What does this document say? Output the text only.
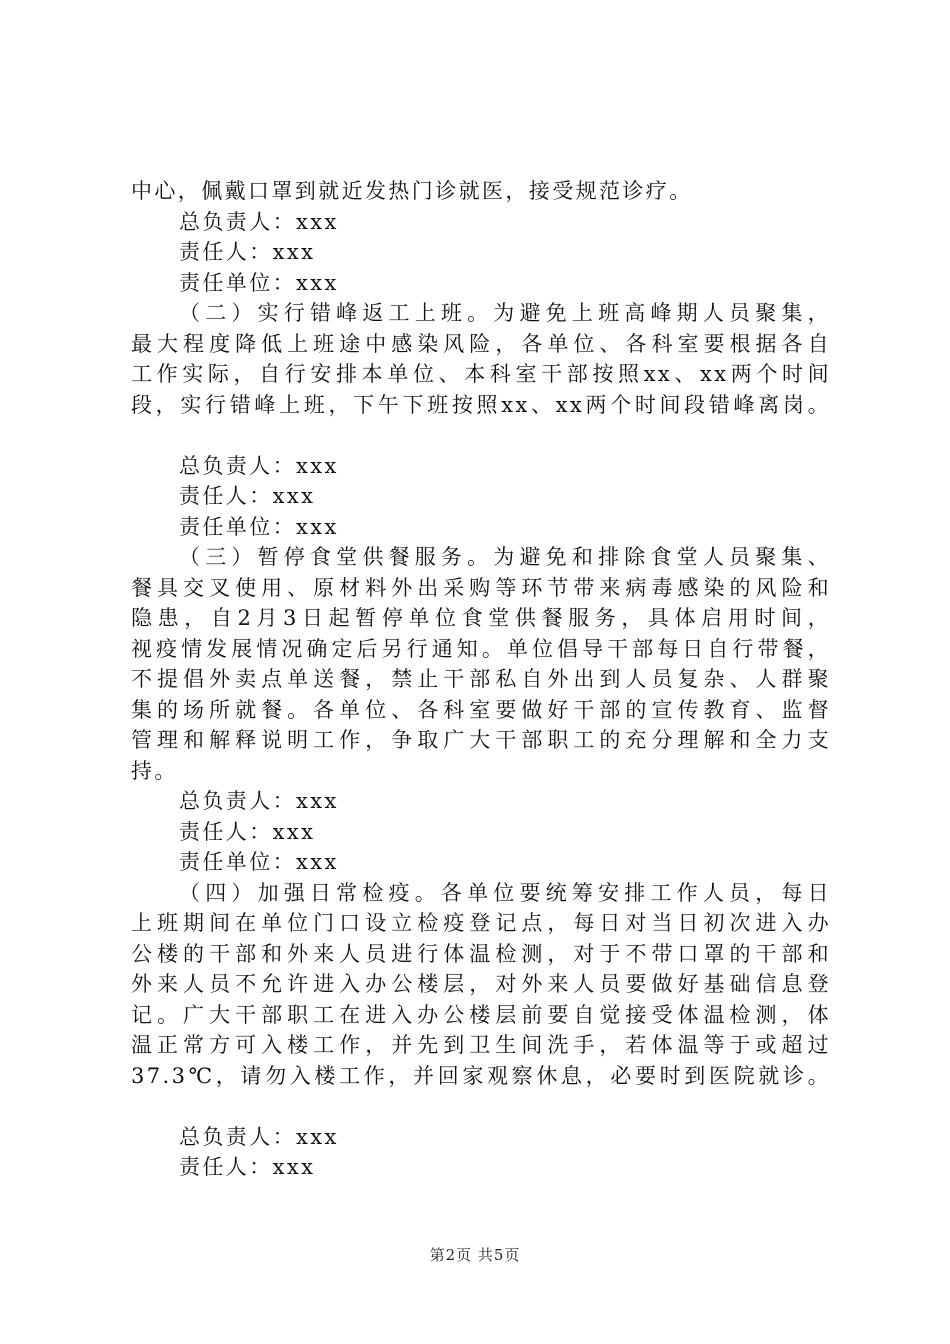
中心，佩戴口罩到就近发热门诊就医，接受规范诊疗。
总负责人：xxx
责任人：xxx
责任单位：xxx
（二）实行错峰返工上班。为避免上班高峰期人员聚集，
最大程度降低上班途中感染风险，各单位、各科室要根据各自
工作实际，自行安排本单位、本科室干部按照xx、xx两个时间
段，实行错峰上班，下午下班按照xx、xx两个时间段错峰离岗。
总负责人：xxx
责任人：xxx
责任单位：xxx
（三）暂停食堂供餐服务。为避免和排除食堂人员聚集、
餐具交叉使用、原材料外出采购等环节带来病毒感染的风险和
隐患，自2月3日起暂停单位食堂供餐服务，具体启用时间，
视疫情发展情况确定后另行通知。单位倡导干部每日自行带餐，
不提倡外卖点单送餐，禁止干部私自外出到人员复杂、人群聚
集的场所就餐。各单位、各科室要做好干部的宣传教育、监督
管理和解释说明工作，争取广大干部职工的充分理解和全力支
持。
总负责人：xxx
责任人：xxx
责任单位：xxx
（四）加强日常检疫。各单位要统筹安排工作人员，每日
上班期间在单位门口设立检疫登记点，每日对当日初次进入办
公楼的干部和外来人员进行体温检测，对于不带口罩的干部和
外来人员不允许进入办公楼层，对外来人员要做好基础信息登
记。广大干部职工在进入办公楼层前要自觉接受体温检测，体
温正常方可入楼工作，并先到卫生间洗手，若体温等于或超过
37.3℃，请勿入楼工作，并回家观察休息，必要时到医院就诊。
总负责人：xxx
责任人：xxx
第2页 共5页
